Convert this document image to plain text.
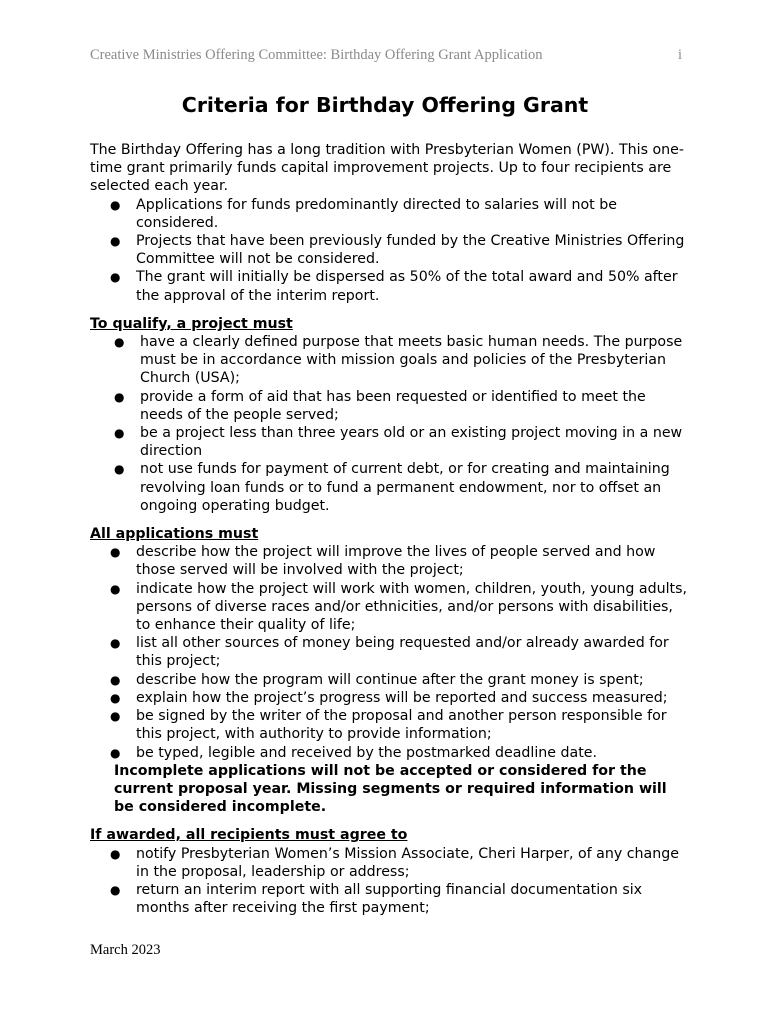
Creative Ministries Offering Committee: Birthday Offering Grant Application	i
Criteria for Birthday Offering Grant

The Birthday Offering has a long tradition with Presbyterian Women (PW). This one-time grant primarily funds capital improvement projects. Up to four recipients are selected each year.

● Applications for funds predominantly directed to salaries will not be considered.
● Projects that have been previously funded by the Creative Ministries Offering Committee will not be considered.
● The grant will initially be dispersed as 50% of the total award and 50% after the approval of the interim report.
To qualify, a project must
● have a clearly defined purpose that meets basic human needs. The purpose must be in accordance with mission goals and policies of the Presbyterian Church (USA);
● provide a form of aid that has been requested or identified to meet the needs of the people served;
● be a project less than three years old or an existing project moving in a new direction
● not use funds for payment of current debt, or for creating and maintaining revolving loan funds or to fund a permanent endowment, nor to offset an ongoing operating budget.
All applications must
● describe how the project will improve the lives of people served and how those served will be involved with the project;
● indicate how the project will work with women, children, youth, young adults, persons of diverse races and/or ethnicities, and/or persons with disabilities, to enhance their quality of life;
● list all other sources of money being requested and/or already awarded for this project;
● describe how the program will continue after the grant money is spent;
● explain how the project’s progress will be reported and success measured;
● be signed by the writer of the proposal and another person responsible for this project, with authority to provide information;
● be typed, legible and received by the postmarked deadline date.

Incomplete applications will not be accepted or considered for the current proposal year. Missing segments or required information will be considered incomplete.

If awarded, all recipients must agree to
● notify Presbyterian Women’s Mission Associate, Cheri Harper, of any change in the proposal, leadership or address;
● return an interim report with all supporting financial documentation six months after receiving the first payment;
March 2023
